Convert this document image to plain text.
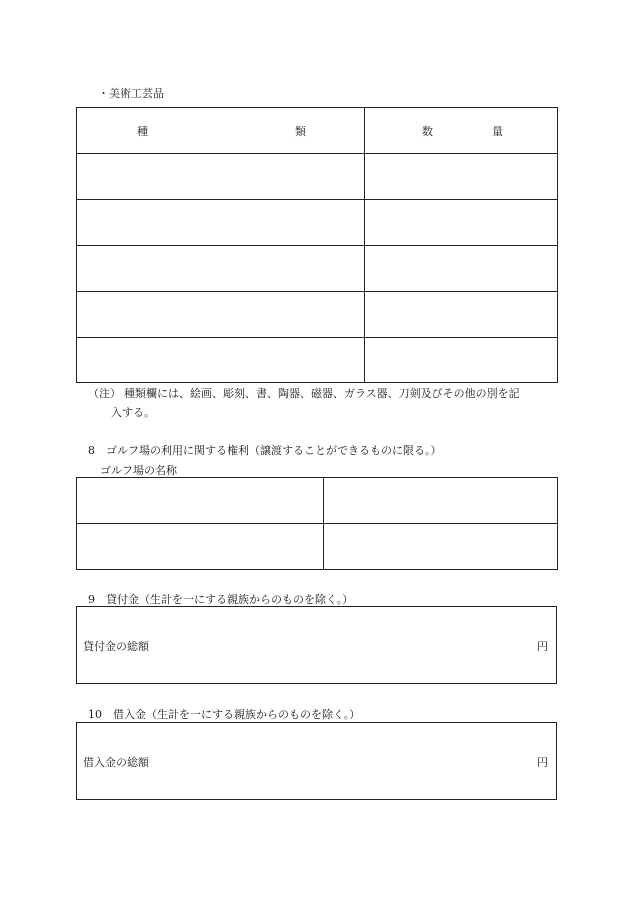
・美術工芸品
種 類	数 量

（注） 種類欄には、絵画、彫刻、書、陶器、磁器、ガラス器、刀剣及びその他の別を記
入する。
8　ゴルフ場の利用に関する権利（譲渡することができるものに限る。）
ゴルフ場の名称

9　貸付金（生計を一にする親族からのものを除く。）
貸付金の総額	円
10　借入金（生計を一にする親族からのものを除く。）
借入金の総額	円
